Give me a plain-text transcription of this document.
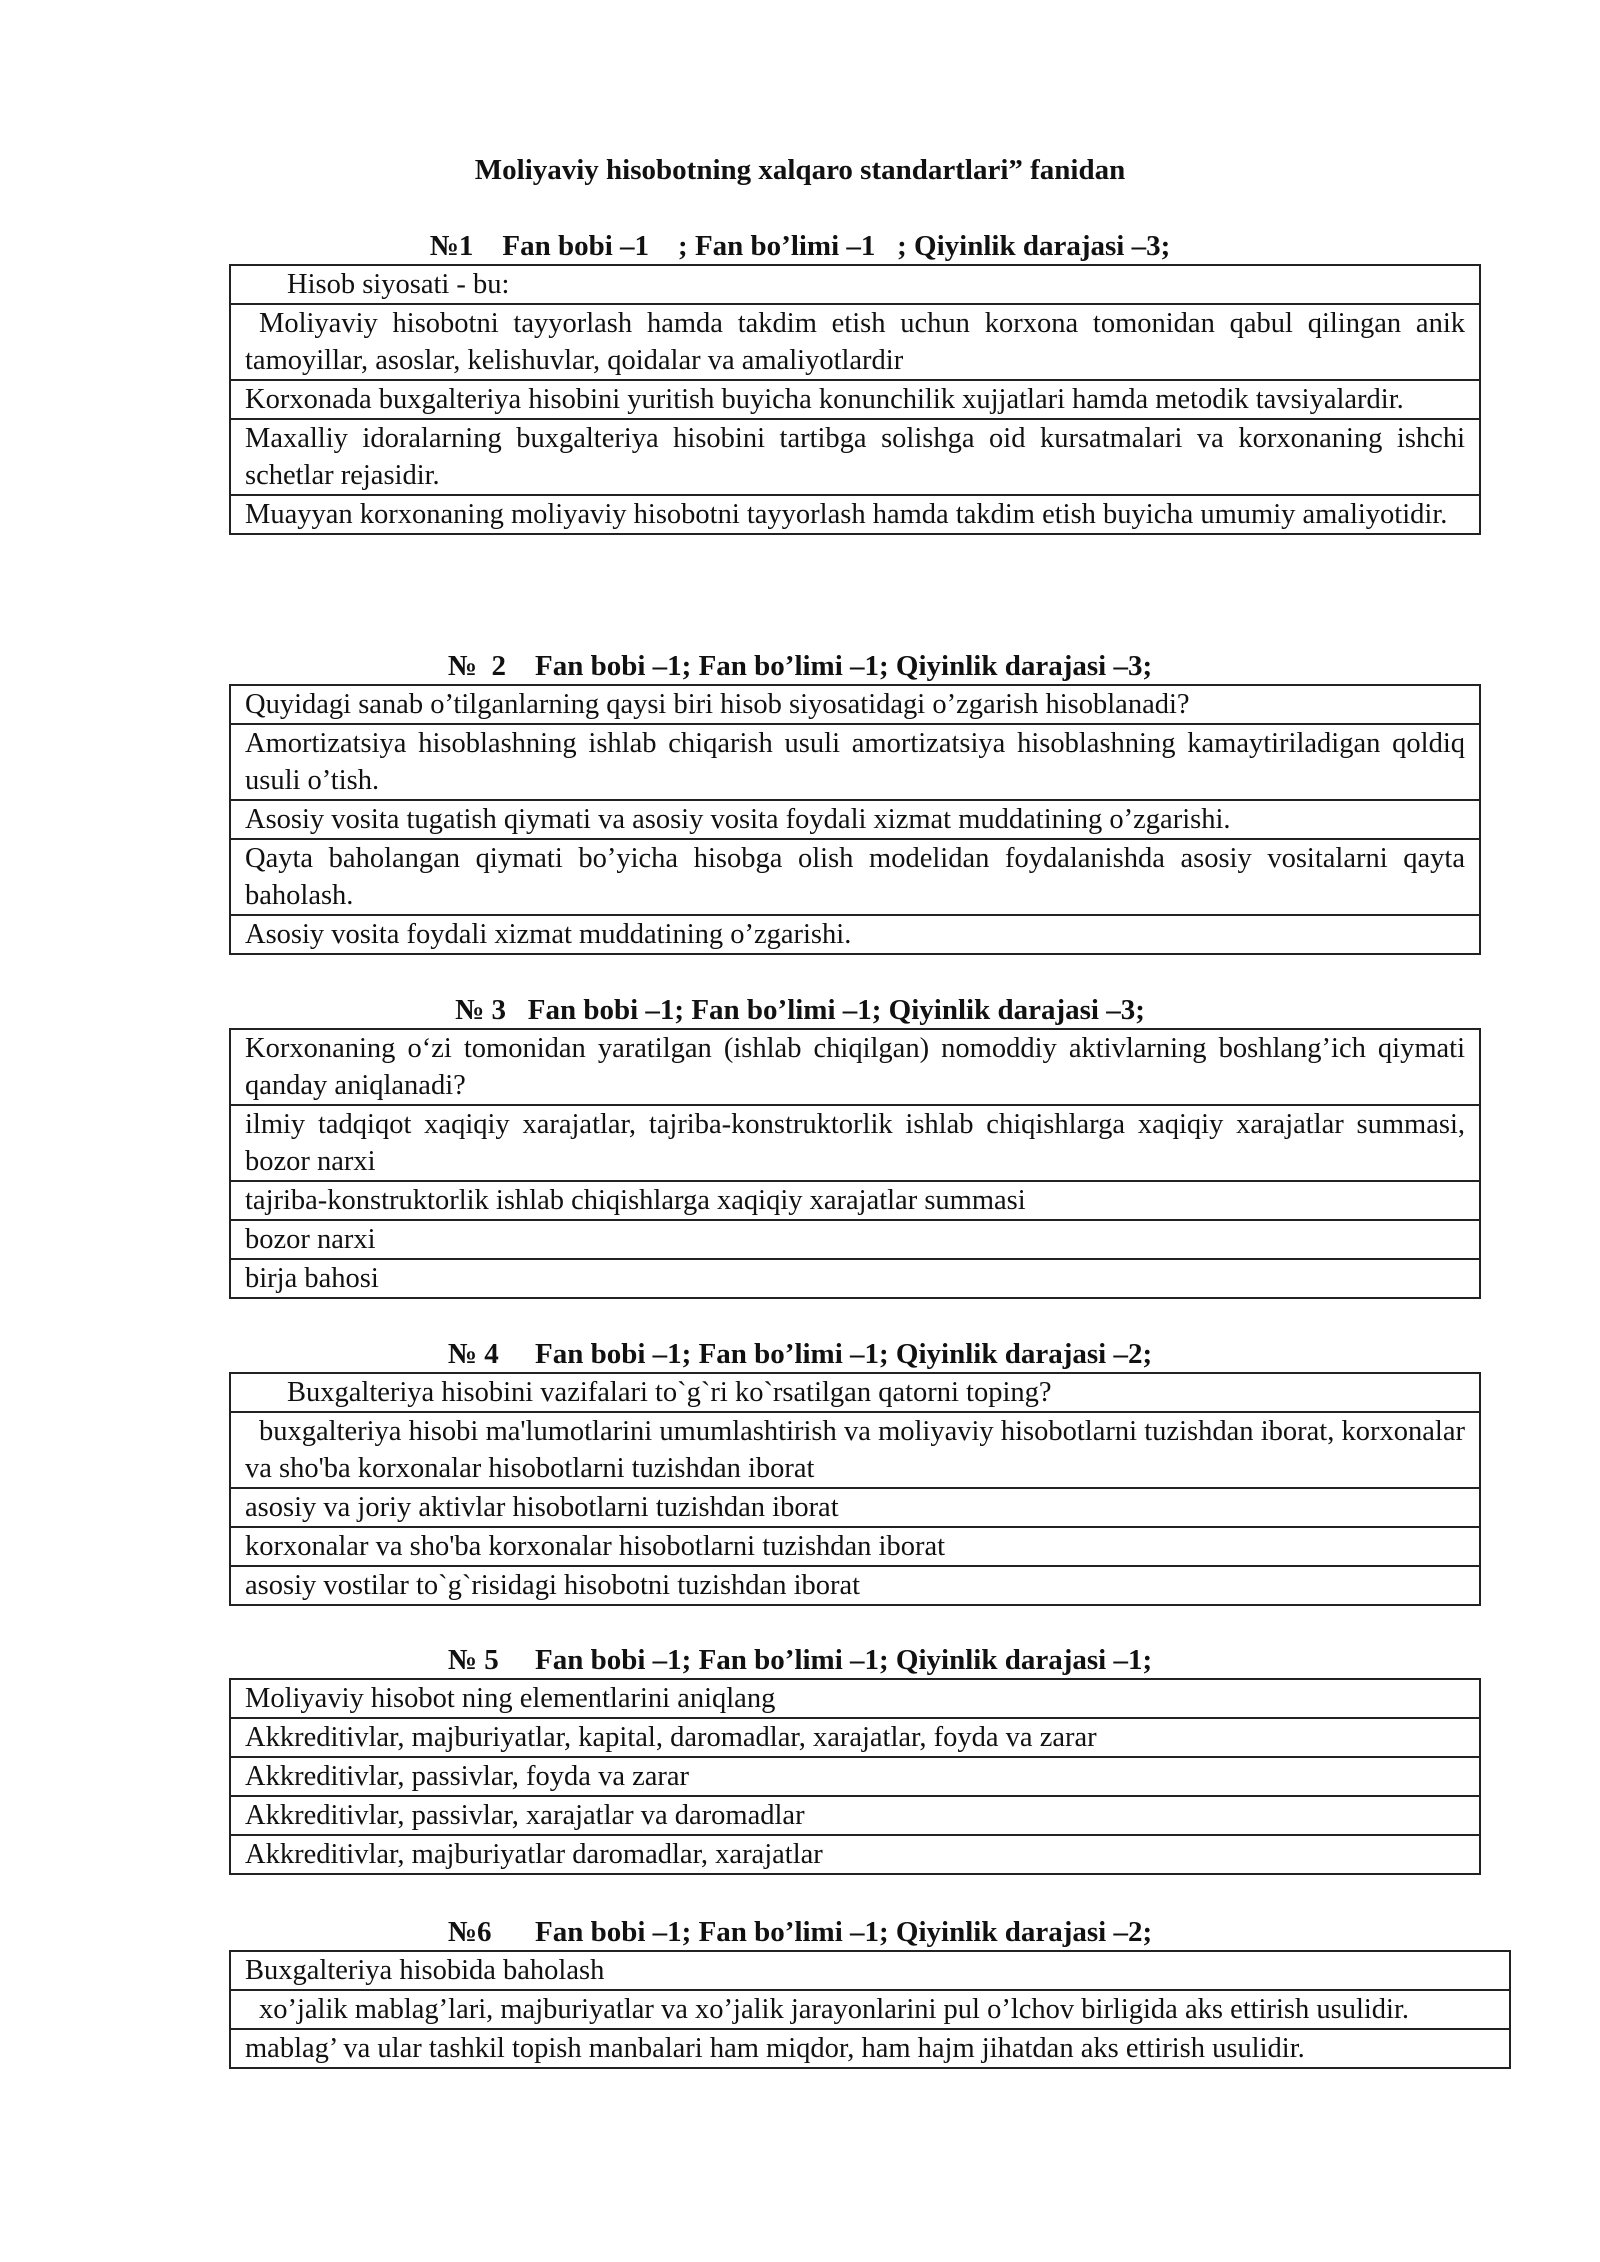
Moliyaviy hisobotning xalqaro standartlari” fanidan
№1    Fan bobi –1    ; Fan bo’limi –1   ; Qiyinlik darajasi –3;
Hisob siyosati - bu:
Moliyaviy hisobotni tayyorlash hamda takdim etish uchun korxona tomonidan qabul qilingan anik tamoyillar, asoslar, kelishuvlar, qoidalar va amaliyotlardir
Korxonada buxgalteriya hisobini yuritish buyicha konunchilik xujjatlari hamda metodik tavsiyalardir.
Maxalliy idoralarning buxgalteriya hisobini tartibga solishga oid kursatmalari va korxonaning ishchi schetlar rejasidir.
Muayyan korxonaning moliyaviy hisobotni tayyorlash hamda takdim etish buyicha umumiy amaliyotidir.
№  2    Fan bobi –1; Fan bo’limi –1; Qiyinlik darajasi –3;
Quyidagi sanab o’tilganlarning qaysi biri hisob siyosatidagi o’zgarish hisoblanadi?
Amortizatsiya hisoblashning ishlab chiqarish usuli amortizatsiya hisoblashning kamaytiriladigan qoldiq usuli o’tish.
Asosiy vosita tugatish qiymati va asosiy vosita foydali xizmat muddatining o’zgarishi.
Qayta baholangan qiymati bo’yicha hisobga olish modelidan foydalanishda asosiy vositalarni qayta baholash.
Asosiy vosita foydali xizmat muddatining o’zgarishi.
№ 3   Fan bobi –1; Fan bo’limi –1; Qiyinlik darajasi –3;
Korxonaning o‘zi tomonidan yaratilgan (ishlab chiqilgan) nomoddiy aktivlarning boshlang’ich qiymati qanday aniqlanadi?
ilmiy tadqiqot xaqiqiy xarajatlar, tajriba-konstruktorlik ishlab chiqishlarga xaqiqiy xarajatlar summasi, bozor narxi
tajriba-konstruktorlik ishlab chiqishlarga xaqiqiy xarajatlar summasi
bozor narxi
birja bahosi
№ 4     Fan bobi –1; Fan bo’limi –1; Qiyinlik darajasi –2;
Buxgalteriya hisobini vazifalari to`g`ri ko`rsatilgan qatorni toping?
buxgalteriya hisobi ma'lumotlarini umumlashtirish va moliyaviy hisobotlarni tuzishdan iborat, korxonalar va sho'ba korxonalar hisobotlarni tuzishdan iborat
asosiy va joriy aktivlar hisobotlarni tuzishdan iborat
korxonalar va sho'ba korxonalar hisobotlarni tuzishdan iborat
asosiy vostilar to`g`risidagi hisobotni tuzishdan iborat
№ 5     Fan bobi –1; Fan bo’limi –1; Qiyinlik darajasi –1;
Moliyaviy hisobot ning elementlarini aniqlang
Akkreditivlar, majburiyatlar, kapital, daromadlar, xarajatlar, foyda va zarar
Akkreditivlar, passivlar, foyda va zarar
Akkreditivlar, passivlar, xarajatlar va daromadlar
Akkreditivlar, majburiyatlar daromadlar, xarajatlar
№6      Fan bobi –1; Fan bo’limi –1; Qiyinlik darajasi –2;
Buxgalteriya hisobida baholash
xo’jalik mablag’lari, majburiyatlar va xo’jalik jarayonlarini pul o’lchov birligida aks ettirish usulidir.
mablag’ va ular tashkil topish manbalari ham miqdor, ham hajm jihatdan aks ettirish usulidir.
